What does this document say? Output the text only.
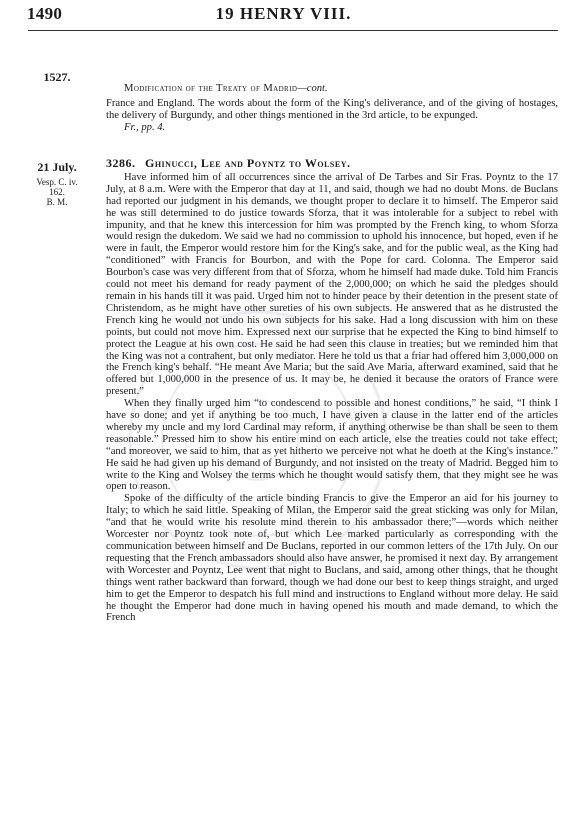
1490	19 HENRY VIII.
1527.
Modification of the Treaty of Madrid—cont.

France and England. The words about the form of the King's deliverance, and of the giving of hostages, the delivery of Burgundy, and other things mentioned in the 3rd article, to be expunged.

Fr., pp. 4.

21 July.
Vesp. C. iv.
162.
B. M.
3286. Ghinucci, Lee and Poyntz to Wolsey.

Have informed him of all occurrences since the arrival of De Tarbes and Sir Fras. Poyntz to the 17 July, at 8 a.m. Were with the Emperor that day at 11, and said, though we had no doubt Mons. de Buclans had reported our judgment in his demands, we thought proper to declare it to himself. The Emperor said he was still determined to do justice towards Sforza, that it was intolerable for a subject to rebel with impunity, and that he knew this intercession for him was prompted by the French king, to whom Sforza would resign the dukedom. We said we had no commission to uphold his innocence, but hoped, even if he were in fault, the Emperor would restore him for the King's sake, and for the public weal, as the King had “conditioned” with Francis for Bourbon, and with the Pope for card. Colonna. The Emperor said Bourbon's case was very different from that of Sforza, whom he himself had made duke. Told him Francis could not meet his demand for ready payment of the 2,000,000; on which he said the pledges should remain in his hands till it was paid. Urged him not to hinder peace by their detention in the present state of Christendom, as he might have other sureties of his own subjects. He answered that as he distrusted the French king he would not undo his own subjects for his sake. Had a long discussion with him on these points, but could not move him. Expressed next our surprise that he expected the King to bind himself to protect the League at his own cost. He said he had seen this clause in treaties; but we reminded him that the King was not a contrahent, but only mediator. Here he told us that a friar had offered him 3,000,000 on the French king's behalf. “He meant Ave Maria; but the said Ave Maria, afterward examined, said that he offered but 1,000,000 in the presence of us. It may be, he denied it because the orators of France were present.”

When they finally urged him “to condescend to possible and honest conditions,” he said, “I think I have so done; and yet if anything be too much, I have given a clause in the latter end of the articles whereby my uncle and my lord Cardinal may reform, if anything otherwise be than shall be seen to them reasonable.” Pressed him to show his entire mind on each article, else the treaties could not take effect; “and moreover, we said to him, that as yet hitherto we perceive not what he doeth at the King's instance.” He said he had given up his demand of Burgundy, and not insisted on the treaty of Madrid. Begged him to write to the King and Wolsey the terms which he thought would satisfy them, that they might see he was open to reason.

Spoke of the difficulty of the article binding Francis to give the Emperor an aid for his journey to Italy; to which he said little. Speaking of Milan, the Emperor said the great sticking was only for Milan, “and that he would write his resolute mind therein to his ambassador there;”—words which neither Worcester nor Poyntz took note of, but which Lee marked particularly as corresponding with the communication between himself and De Buclans, reported in our common letters of the 17th July. On our requesting that the French ambassadors should also have answer, he promised it next day. By arrangement with Worcester and Poyntz, Lee went that night to Buclans, and said, among other things, that he thought things went rather backward than forward, though we had done our best to keep things straight, and urged him to get the Emperor to despatch his full mind and instructions to England without more delay. He said he thought the Emperor had done much in having opened his mouth and made demand, to which the French
